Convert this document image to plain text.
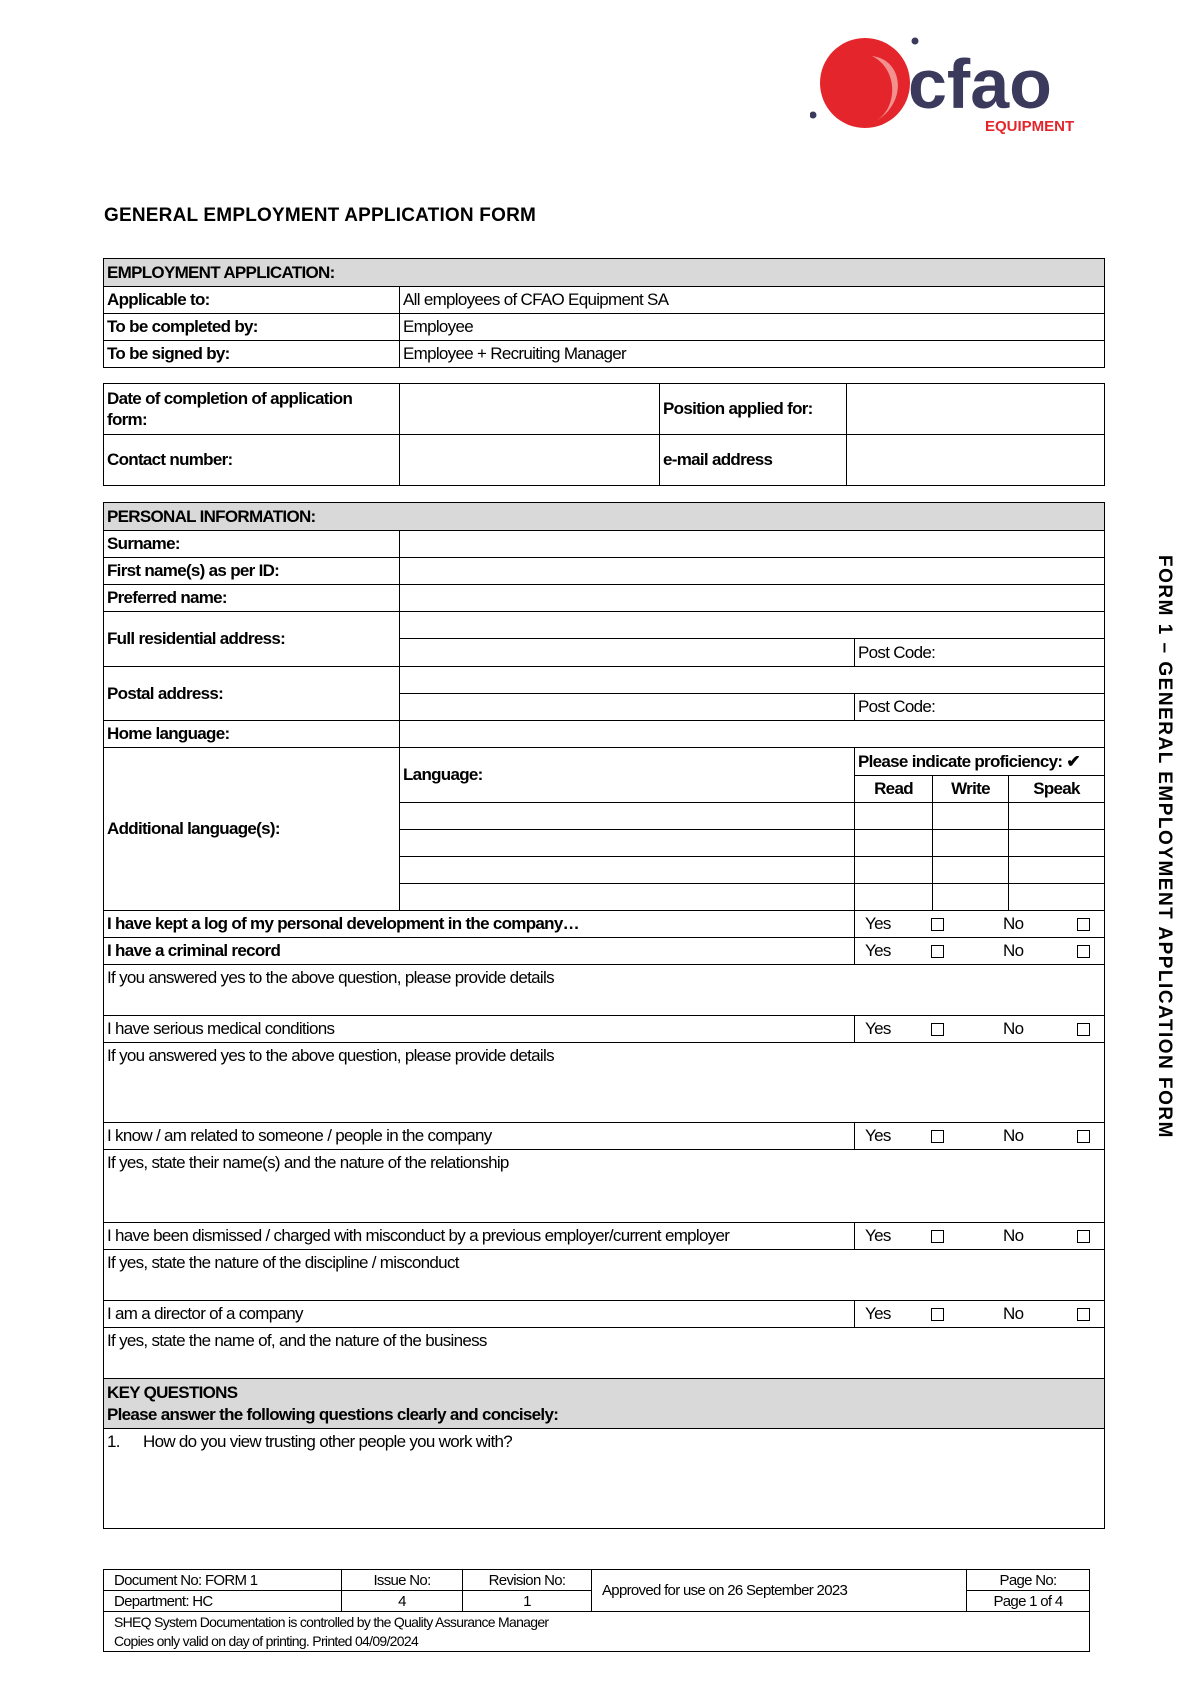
cfao
EQUIPMENT
GENERAL EMPLOYMENT APPLICATION FORM
FORM 1 – GENERAL EMPLOYMENT APPLICATION FORM
EMPLOYMENT APPLICATION:	
Applicable to:	All employees of CFAO Equipment SA
To be completed by:	Employee
To be signed by:	Employee + Recruiting Manager
Date of completion of application form:		Position applied for:	
Contact number:		e-mail address	
PERSONAL INFORMATION:				
Surname:				
First name(s) as per ID:				
Preferred name:				
Full residential address:				
		Post Code:		
Postal address:				
		Post Code:		
Home language:				
Additional language(s):	Language:	Please indicate proficiency: ✔		
		Read	Write	Speak

I have kept a log of my personal development in the company…		Yes No		

I have a criminal record		Yes No		

If you answered yes to the above question, please provide details				
I have serious medical conditions		Yes No		

If you answered yes to the above question, please provide details				
I know / am related to someone / people in the company		Yes No		

If yes, state their name(s) and the nature of the relationship				
I have been dismissed / charged with misconduct by a previous employer/current employer		Yes No		

If yes, state the nature of the discipline / misconduct				
I am a director of a company		Yes No		

If yes, state the name of, and the nature of the business				

KEY QUESTIONS
Please answer the following questions clearly and concisely:				

1. How do you view trusting other people you work with?				
Document No: FORM 1	Issue No:	Revision No:	Approved for use on 26 September 2023	Page No:
Department: HC	4	1		Page 1 of 4

SHEQ System Documentation is controlled by the Quality Assurance Manager
Copies only valid on day of printing. Printed 04/09/2024				
